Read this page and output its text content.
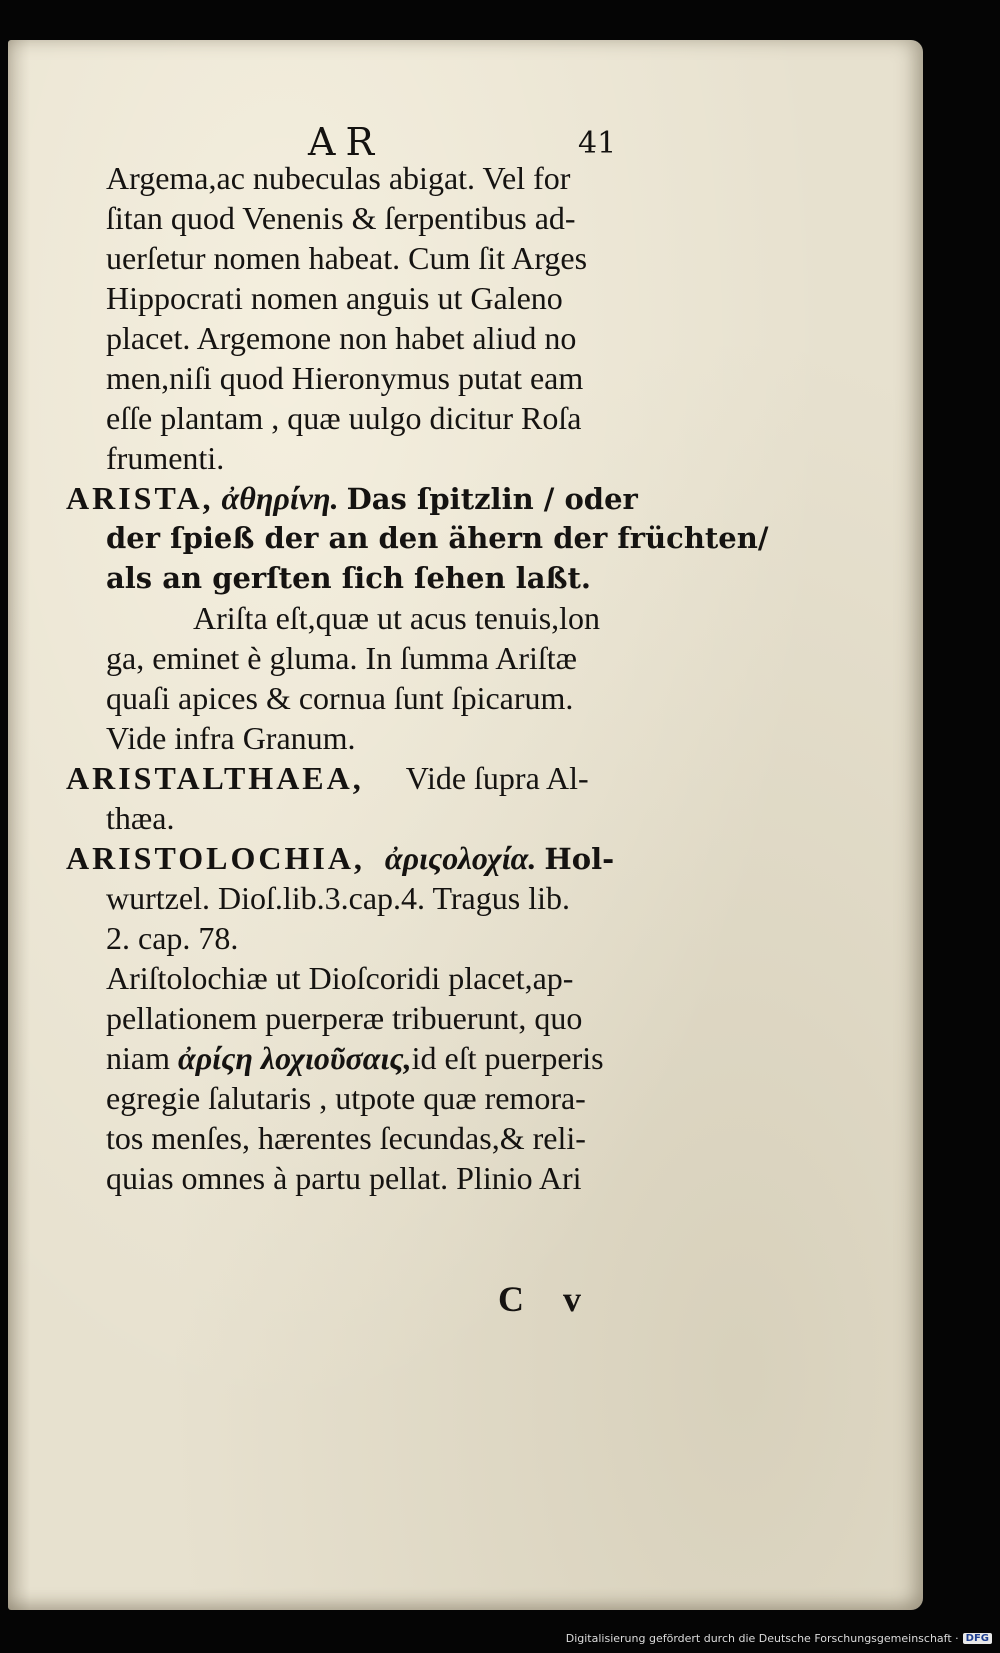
AR	41
Argema,ac nubeculas abigat. Vel for
ſitan quod Venenis & ſerpentibus ad-
uerſetur nomen habeat. Cum ſit Arges
Hippocrati nomen anguis ut Galeno
placet. Argemone non habet aliud no
men,niſi quod Hieronymus putat eam
eſſe plantam , quæ uulgo dicitur Roſa
frumenti.
ARISTA, ἀθηρίνη. Das ſpitzlin / oder
der ſpieß der an den ähern der früchten/
als an gerſten ſich ſehen laßt.
Ariſta eſt,quæ ut acus tenuis,lon
ga, eminet è gluma. In ſumma Ariſtæ
quaſi apices & cornua ſunt ſpicarum.
Vide infra Granum.
ARISTALTHAEA, Vide ſupra Al-
thæa.
ARISTOLOCHIA, ἀριςολοχία. Hol-
wurtzel. Dioſ.lib.3.cap.4. Tragus lib.
2. cap. 78.
Ariſtolochiæ ut Dioſcoridi placet,ap-
pellationem puerperæ tribuerunt, quo
niam ἀρίςη λοχιοῦσαις,id eſt puerperis
egregie ſalutaris , utpote quæ remora-
tos menſes, hærentes ſecundas,& reli-
quias omnes à partu pellat. Plinio Ari
C v
Digitalisierung gefördert durch die Deutsche Forschungsgemeinschaft · DFG
